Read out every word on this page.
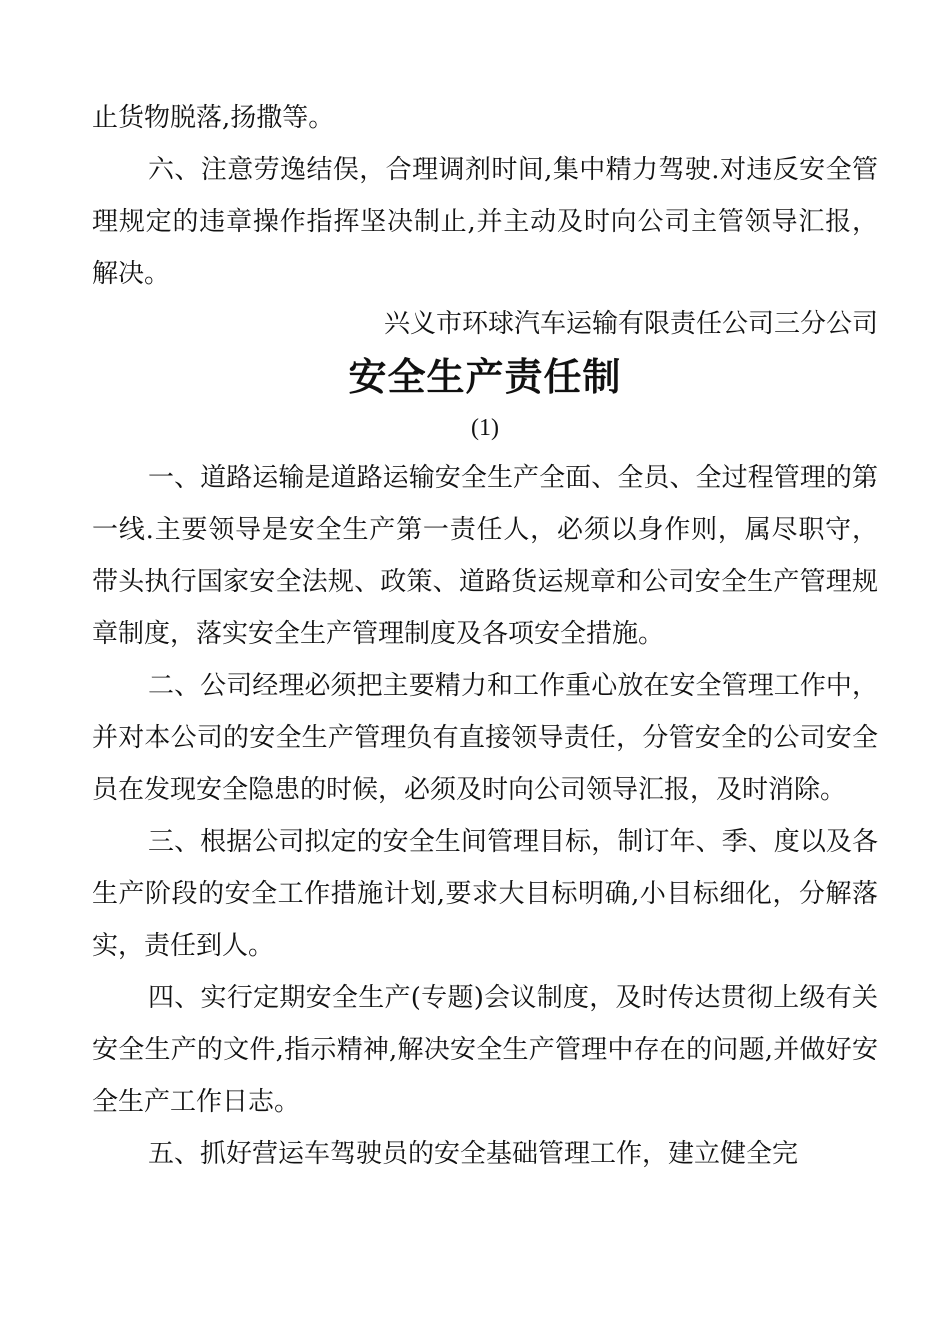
止货物脱落,扬撒等。

六、注意劳逸结俣，合理调剂时间,集中精力驾驶.对违反安全管理规定的违章操作指挥坚决制止,并主动及时向公司主管领导汇报，解决。

兴义市环球汽车运输有限责任公司三分公司

安全生产责任制

(1)

一、道路运输是道路运输安全生产全面、全员、全过程管理的第一线.主要领导是安全生产第一责任人，必须以身作则，属尽职守，带头执行国家安全法规、政策、道路货运规章和公司安全生产管理规章制度，落实安全生产管理制度及各项安全措施。

二、公司经理必须把主要精力和工作重心放在安全管理工作中，并对本公司的安全生产管理负有直接领导责任，分管安全的公司安全员在发现安全隐患的时候，必须及时向公司领导汇报，及时消除。

三、根据公司拟定的安全生间管理目标，制订年、季、度以及各生产阶段的安全工作措施计划,要求大目标明确,小目标细化，分解落实，责任到人。

四、实行定期安全生产(专题)会议制度，及时传达贯彻上级有关安全生产的文件,指示精神,解决安全生产管理中存在的问题,并做好安全生产工作日志。

五、抓好营运车驾驶员的安全基础管理工作，建立健全完
